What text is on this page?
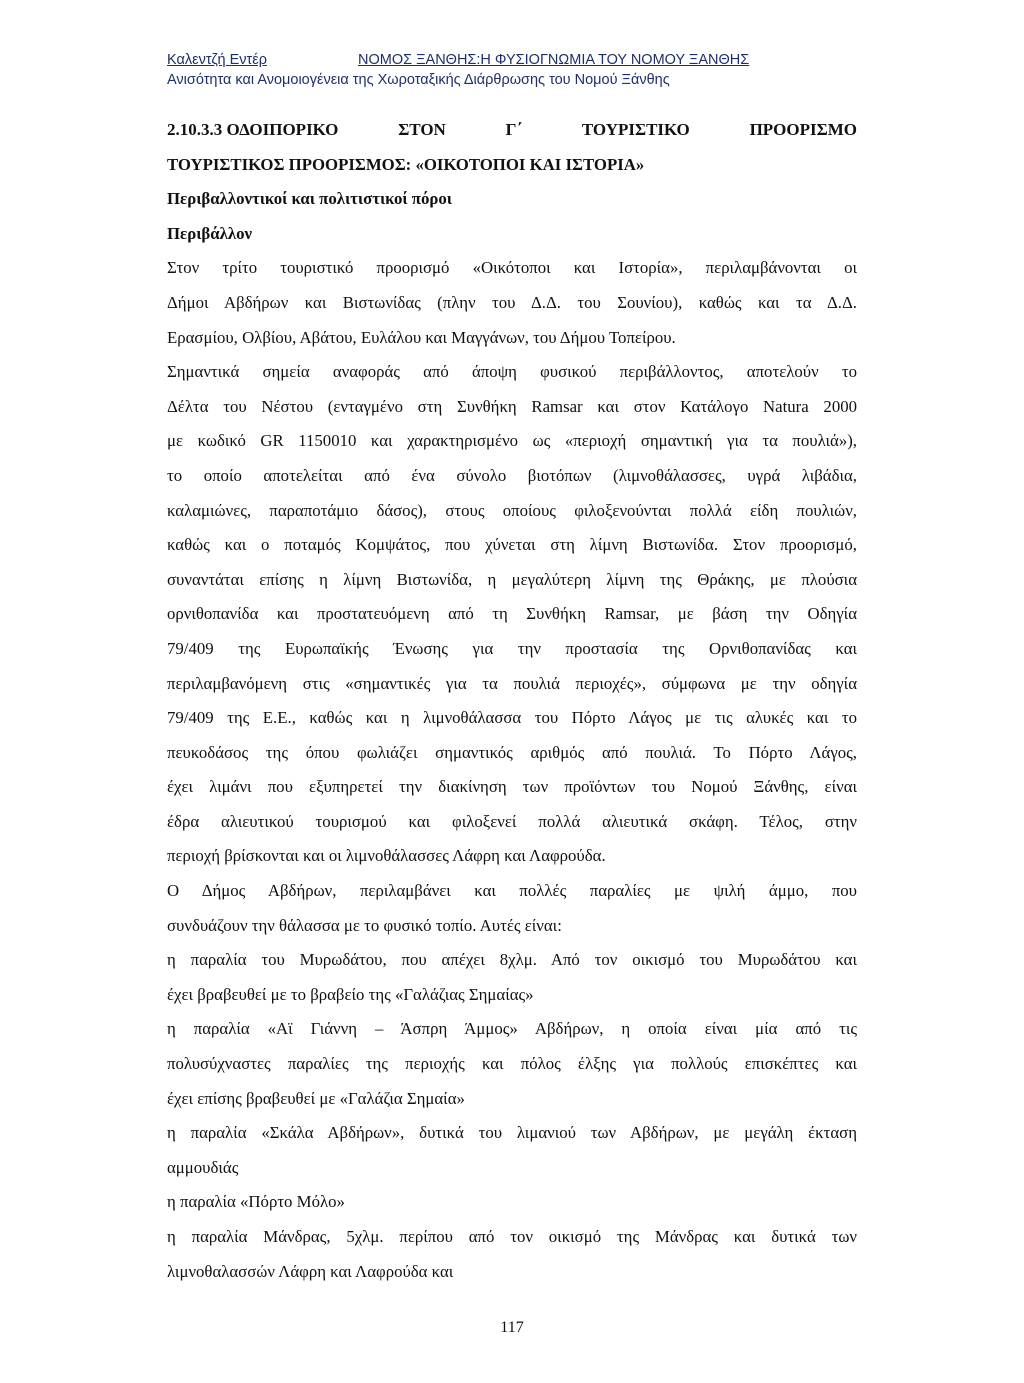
Καλεντζή Εντέρ	ΝΟΜΟΣ ΞΑΝΘΗΣ:Η ΦΥΣΙΟΓΝΩΜΙΑ ΤΟΥ ΝΟΜΟΥ ΞΑΝΘΗΣ
Ανισότητα και Ανομοιογένεια της Χωροταξικής Διάρθρωσης του Νομού Ξάνθης
2.10.3.3 ΟΔΟΙΠΟΡΙΚΟ	ΣΤΟΝ	Γ΄	ΤΟΥΡΙΣΤΙΚΟ	ΠΡΟΟΡΙΣΜΟ
ΤΟΥΡΙΣΤΙΚΟΣ ΠΡΟΟΡΙΣΜΟΣ: «ΟΙΚΟΤΟΠΟΙ ΚΑΙ ΙΣΤΟΡΙΑ»
Περιβαλλοντικοί και πολιτιστικοί πόροι
Περιβάλλον
Στον τρίτο τουριστικό προορισμό «Οικότοποι και Ιστορία», περιλαμβάνονται οι
Δήμοι Αβδήρων και Βιστωνίδας (πλην του Δ.Δ. του Σουνίου), καθώς και τα Δ.Δ.
Ερασμίου, Ολβίου, Αβάτου, Ευλάλου και Μαγγάνων, του Δήμου Τοπείρου.
Σημαντικά σημεία αναφοράς από άποψη φυσικού περιβάλλοντος, αποτελούν το
Δέλτα του Νέστου (ενταγμένο στη Συνθήκη Ramsar και στον Κατάλογο Natura 2000
με κωδικό GR 1150010 και χαρακτηρισμένο ως «περιοχή σημαντική για τα πουλιά»),
το οποίο αποτελείται από ένα σύνολο βιοτόπων (λιμνοθάλασσες, υγρά λιβάδια,
καλαμιώνες, παραποτάμιο δάσος), στους οποίους φιλοξενούνται πολλά είδη πουλιών,
καθώς και ο ποταμός Κομψάτος, που χύνεται στη λίμνη Βιστωνίδα. Στον προορισμό,
συναντάται επίσης η λίμνη Βιστωνίδα, η μεγαλύτερη λίμνη της Θράκης, με πλούσια
ορνιθοπανίδα και προστατευόμενη από τη Συνθήκη Ramsar, με βάση την Οδηγία
79/409 της Ευρωπαϊκής Ένωσης για την προστασία της Ορνιθοπανίδας και
περιλαμβανόμενη στις «σημαντικές για τα πουλιά περιοχές», σύμφωνα με την οδηγία
79/409 της Ε.Ε., καθώς και η λιμνοθάλασσα του Πόρτο Λάγος με τις αλυκές και το
πευκοδάσος της όπου φωλιάζει σημαντικός αριθμός από πουλιά. Το Πόρτο Λάγος,
έχει λιμάνι που εξυπηρετεί την διακίνηση των προϊόντων του Νομού Ξάνθης, είναι
έδρα αλιευτικού τουρισμού και φιλοξενεί πολλά αλιευτικά σκάφη. Τέλος, στην
περιοχή βρίσκονται και οι λιμνοθάλασσες Λάφρη και Λαφρούδα.
Ο Δήμος Αβδήρων, περιλαμβάνει και πολλές παραλίες με ψιλή άμμο, που
συνδυάζουν την θάλασσα με το φυσικό τοπίο. Αυτές είναι:
η παραλία του Μυρωδάτου, που απέχει 8χλμ. Από τον οικισμό του Μυρωδάτου και
έχει βραβευθεί με το βραβείο της «Γαλάζιας Σημαίας»
η παραλία «Αϊ Γιάννη – Άσπρη Άμμος» Αβδήρων, η οποία είναι μία από τις
πολυσύχναστες παραλίες της περιοχής και πόλος έλξης για πολλούς επισκέπτες και
έχει επίσης βραβευθεί με «Γαλάζια Σημαία»
η παραλία «Σκάλα Αβδήρων», δυτικά του λιμανιού των Αβδήρων, με μεγάλη έκταση
αμμουδιάς
η παραλία «Πόρτο Μόλο»
η παραλία Μάνδρας, 5χλμ. περίπου από τον οικισμό της Μάνδρας και δυτικά των
λιμνοθαλασσών Λάφρη και Λαφρούδα και
117
